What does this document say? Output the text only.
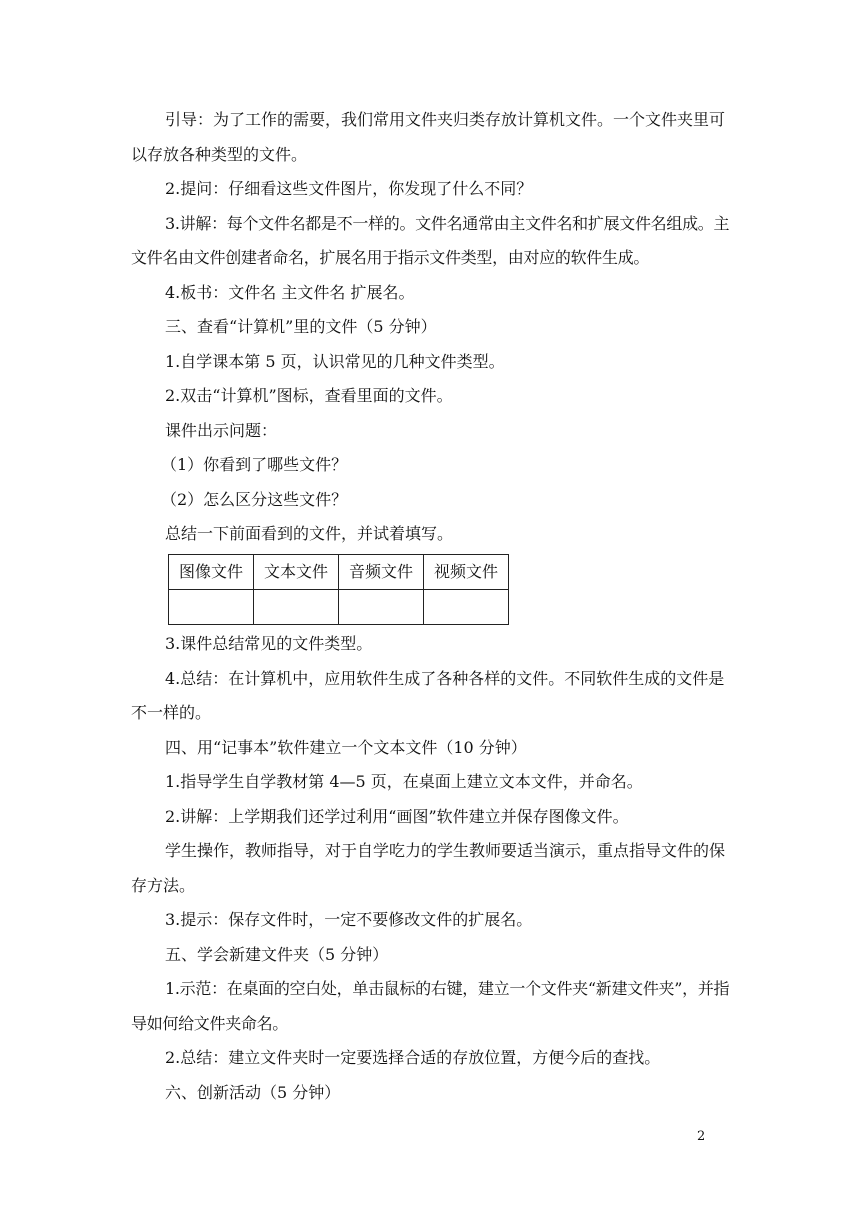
引导：为了工作的需要，我们常用文件夹归类存放计算机文件。一个文件夹里可以存放各种类型的文件。

2.提问：仔细看这些文件图片，你发现了什么不同？

3.讲解：每个文件名都是不一样的。文件名通常由主文件名和扩展文件名组成。主文件名由文件创建者命名，扩展名用于指示文件类型，由对应的软件生成。

4.板书：文件名 主文件名 扩展名。

三、查看“计算机”里的文件（5 分钟）

1.自学课本第 5 页，认识常见的几种文件类型。

2.双击“计算机”图标，查看里面的文件。

课件出示问题：

（1）你看到了哪些文件？

（2）怎么区分这些文件？

总结一下前面看到的文件，并试着填写。

图像文件	文本文件	音频文件	视频文件

3.课件总结常见的文件类型。

4.总结：在计算机中，应用软件生成了各种各样的文件。不同软件生成的文件是不一样的。

四、用“记事本”软件建立一个文本文件（10 分钟）

1.指导学生自学教材第 4—5 页，在桌面上建立文本文件，并命名。

2.讲解：上学期我们还学过利用“画图”软件建立并保存图像文件。

学生操作，教师指导，对于自学吃力的学生教师要适当演示，重点指导文件的保存方法。

3.提示：保存文件时，一定不要修改文件的扩展名。

五、学会新建文件夹（5 分钟）

1.示范：在桌面的空白处，单击鼠标的右键，建立一个文件夹“新建文件夹”，并指导如何给文件夹命名。

2.总结：建立文件夹时一定要选择合适的存放位置，方便今后的查找。

六、创新活动（5 分钟）

2
